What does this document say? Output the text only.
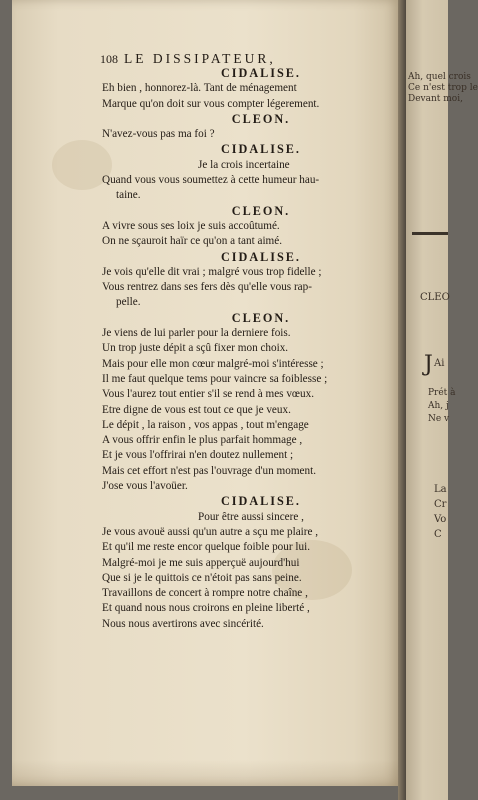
Ah, quel crois
Ce n'est trop le
Devant moi,
CLEO
J Ai
Prét à
Ah, j
Ne v
La
Cr
Vo
C
108 LE DISSIPATEUR,
CIDALISE.
Eh bien , honnorez-là. Tant de ménagement
Marque qu'on doit sur vous compter légerement.
CLEON.
N'avez-vous pas ma foi ?
CIDALISE.
Je la crois incertaine
Quand vous vous soumettez à cette humeur hau-
taine.
CLEON.
A vivre sous ses loix je suis accoûtumé.
On ne sçauroit haïr ce qu'on a tant aimé.
CIDALISE.
Je vois qu'elle dit vrai ; malgré vous trop fidelle ;
Vous rentrez dans ses fers dès qu'elle vous rap-
pelle.
CLEON.
Je viens de lui parler pour la derniere fois.
Un trop juste dépit a sçû fixer mon choix.
Mais pour elle mon cœur malgré-moi s'intéresse ;
Il me faut quelque tems pour vaincre sa foiblesse ;
Vous l'aurez tout entier s'il se rend à mes vœux.
Etre digne de vous est tout ce que je veux.
Le dépit , la raison , vos appas , tout m'engage
A vous offrir enfin le plus parfait hommage ,
Et je vous l'offrirai n'en doutez nullement ;
Mais cet effort n'est pas l'ouvrage d'un moment.
J'ose vous l'avoüer.
CIDALISE.
Pour être aussi sincere ,
Je vous avouë aussi qu'un autre a sçu me plaire ,
Et qu'il me reste encor quelque foible pour lui.
Malgré-moi je me suis apperçuë aujourd'hui
Que si je le quittois ce n'étoit pas sans peine.
Travaillons de concert à rompre notre chaîne ,
Et quand nous nous croirons en pleine liberté ,
Nous nous avertirons avec sincérité.
